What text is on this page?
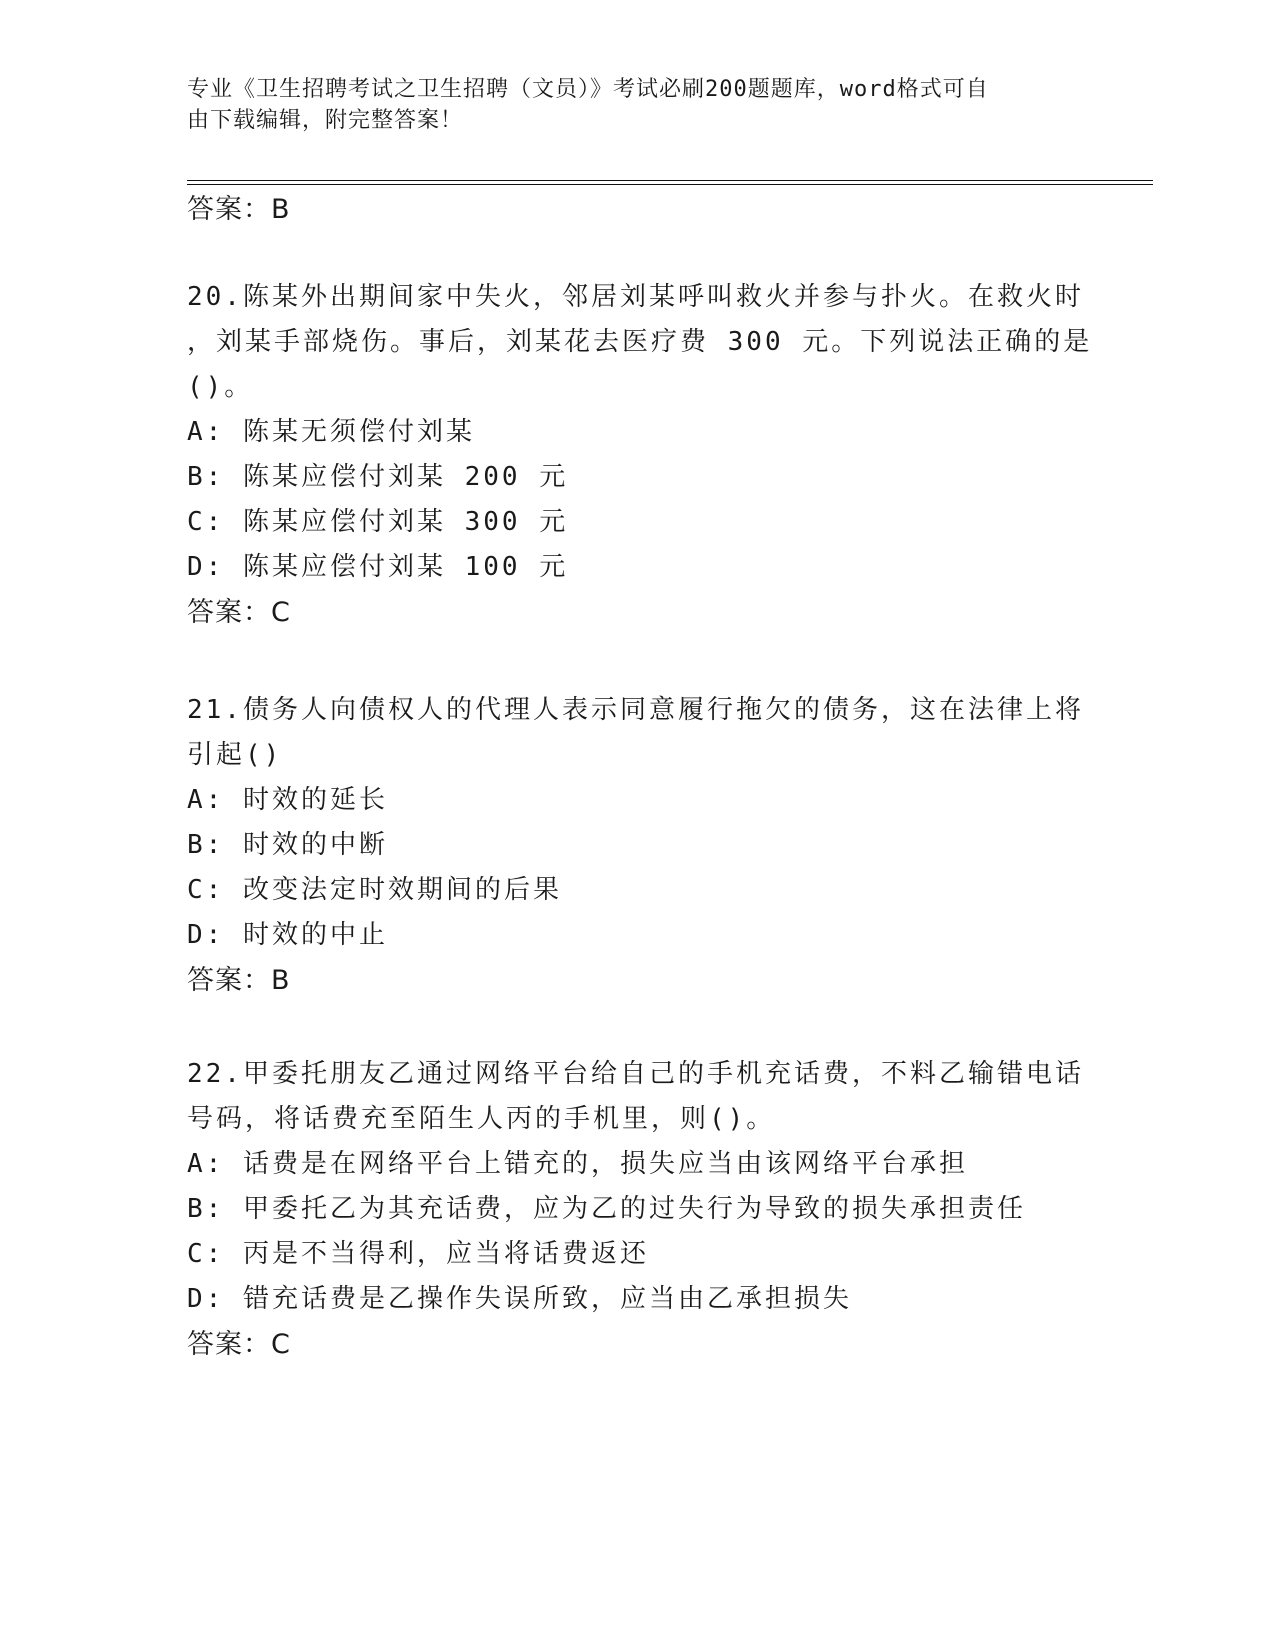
专业《卫生招聘考试之卫生招聘（文员）》考试必刷200题题库，word格式可自
由下载编辑，附完整答案！
答案：B
20.陈某外出期间家中失火，邻居刘某呼叫救火并参与扑火。在救火时
，刘某手部烧伤。事后，刘某花去医疗费 300 元。下列说法正确的是
()。
A: 陈某无须偿付刘某
B: 陈某应偿付刘某 200 元
C: 陈某应偿付刘某 300 元
D: 陈某应偿付刘某 100 元
答案：C
21.债务人向债权人的代理人表示同意履行拖欠的债务，这在法律上将
引起()
A: 时效的延长
B: 时效的中断
C: 改变法定时效期间的后果
D: 时效的中止
答案：B
22.甲委托朋友乙通过网络平台给自己的手机充话费，不料乙输错电话
号码，将话费充至陌生人丙的手机里，则()。
A: 话费是在网络平台上错充的，损失应当由该网络平台承担
B: 甲委托乙为其充话费，应为乙的过失行为导致的损失承担责任
C: 丙是不当得利，应当将话费返还
D: 错充话费是乙操作失误所致，应当由乙承担损失
答案：C
